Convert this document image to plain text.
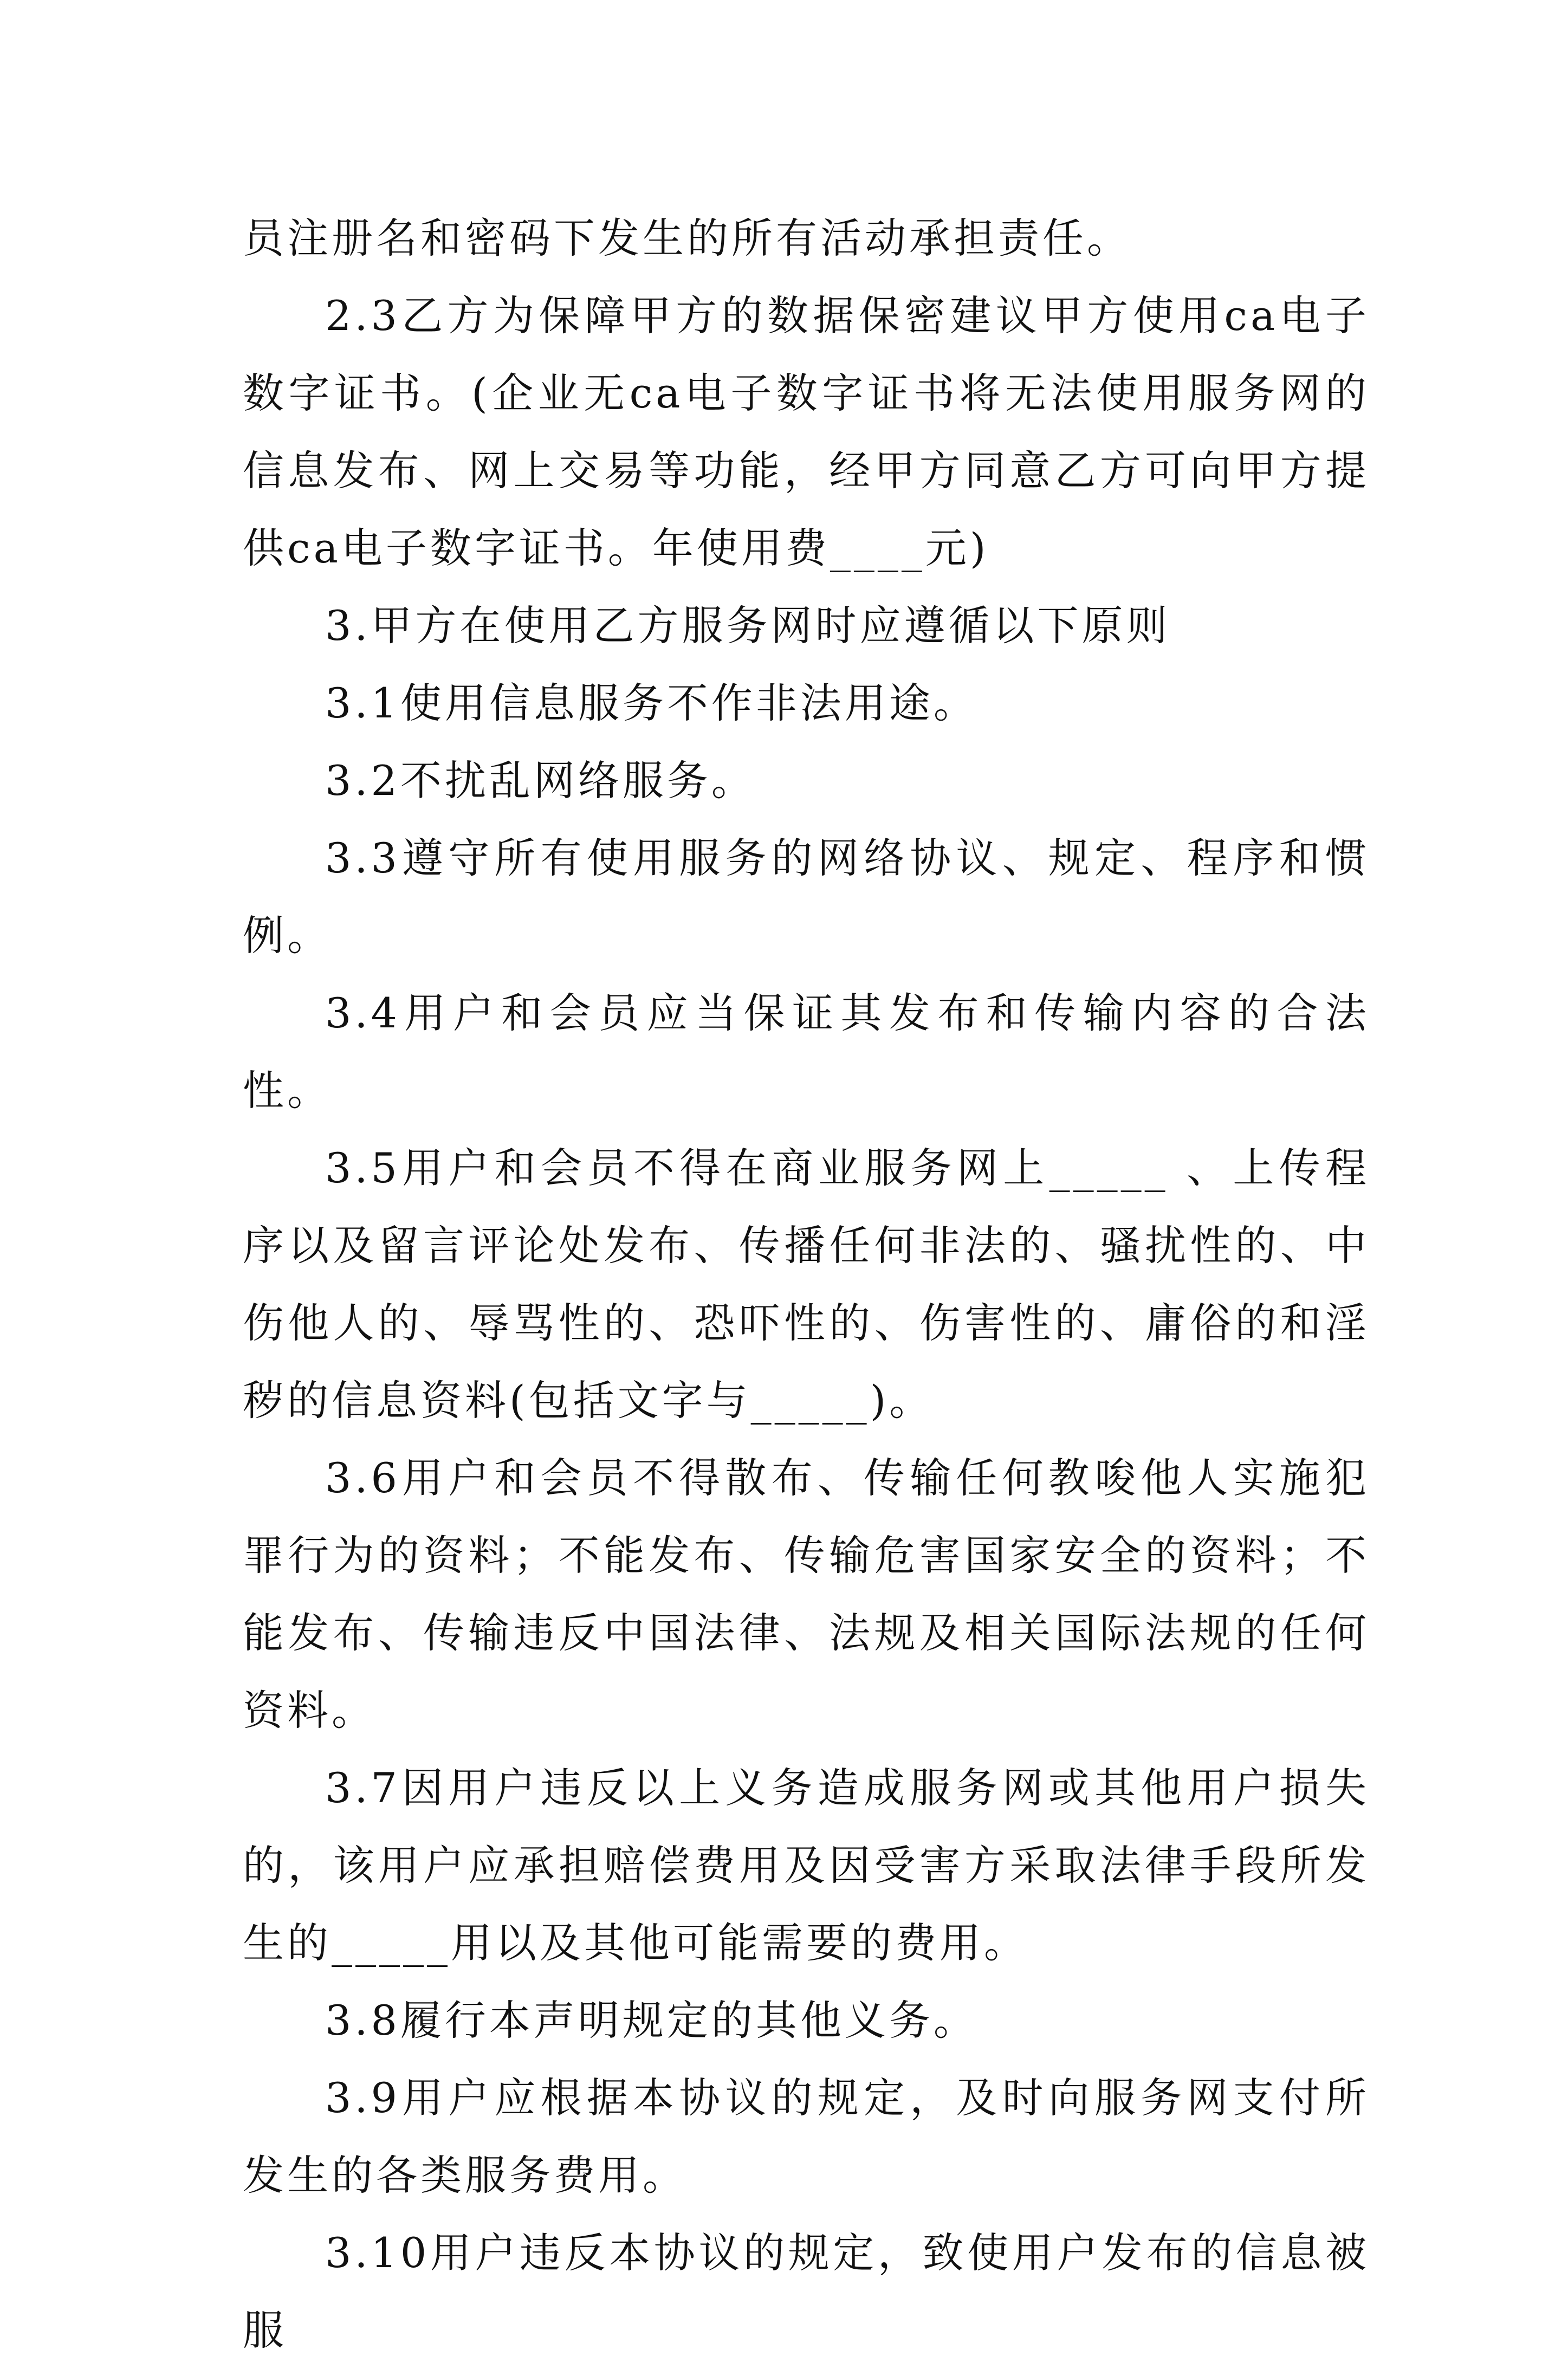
员注册名和密码下发生的所有活动承担责任。

2.3乙方为保障甲方的数据保密建议甲方使用ca电子数字证书。(企业无ca电子数字证书将无法使用服务网的信息发布、网上交易等功能，经甲方同意乙方可向甲方提供ca电子数字证书。年使用费____元)

3.甲方在使用乙方服务网时应遵循以下原则

3.1使用信息服务不作非法用途。

3.2不扰乱网络服务。

3.3遵守所有使用服务的网络协议、规定、程序和惯例。

3.4用户和会员应当保证其发布和传输内容的合法性。

3.5用户和会员不得在商业服务网上_____ 、上传程序以及留言评论处发布、传播任何非法的、骚扰性的、中伤他人的、辱骂性的、恐吓性的、伤害性的、庸俗的和淫秽的信息资料(包括文字与_____)。

3.6用户和会员不得散布、传输任何教唆他人实施犯罪行为的资料；不能发布、传输危害国家安全的资料；不能发布、传输违反中国法律、法规及相关国际法规的任何资料。

3.7因用户违反以上义务造成服务网或其他用户损失的，该用户应承担赔偿费用及因受害方采取法律手段所发生的_____用以及其他可能需要的费用。

3.8履行本声明规定的其他义务。

3.9用户应根据本协议的规定，及时向服务网支付所发生的各类服务费用。

3.10用户违反本协议的规定，致使用户发布的信息被服
